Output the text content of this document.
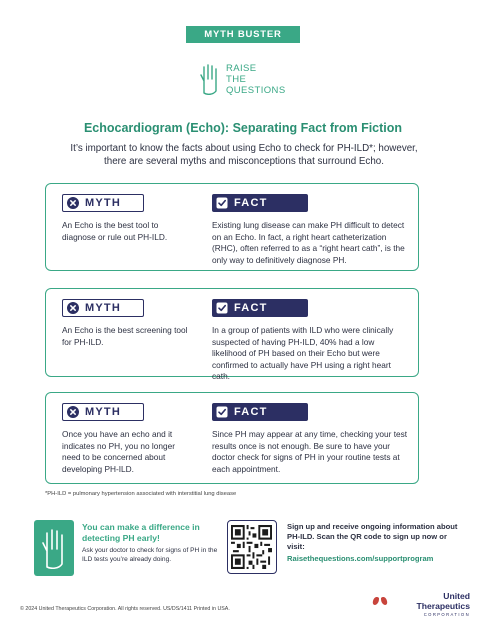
MYTH BUSTER
RAISE
THE
QUESTIONS
Echocardiogram (Echo): Separating Fact from Fiction
It’s important to know the facts about using Echo to check for PH-ILD*; however, there are several myths and misconceptions that surround Echo.
MYTH	FACT
An Echo is the best tool to diagnose or rule out PH-ILD.
Existing lung disease can make PH difficult to detect on an Echo. In fact, a right heart catheterization (RHC), often referred to as a “right heart cath”, is the only way to definitively diagnose PH.
MYTH	FACT
An Echo is the best screening tool for PH-ILD.
In a group of patients with ILD who were clinically suspected of having PH-ILD, 40% had a low likelihood of PH based on their Echo but were confirmed to actually have PH using a right heart cath.
MYTH	FACT
Once you have an echo and it indicates no PH, you no longer need to be concerned about developing PH-ILD.
Since PH may appear at any time, checking your test results once is not enough. Be sure to have your doctor check for signs of PH in your routine tests at each appointment.
*PH-ILD = pulmonary hypertension associated with interstitial lung disease
You can make a difference in detecting PH early!
Ask your doctor to check for signs of PH in the ILD tests you’re already doing.
Sign up and receive ongoing information about PH-ILD. Scan the QR code to sign up now or visit:
Raisethequestions.com/supportprogram
© 2024 United Therapeutics Corporation. All rights reserved. US/DS/1411 Printed in USA.
United
Therapeutics
CORPORATION
